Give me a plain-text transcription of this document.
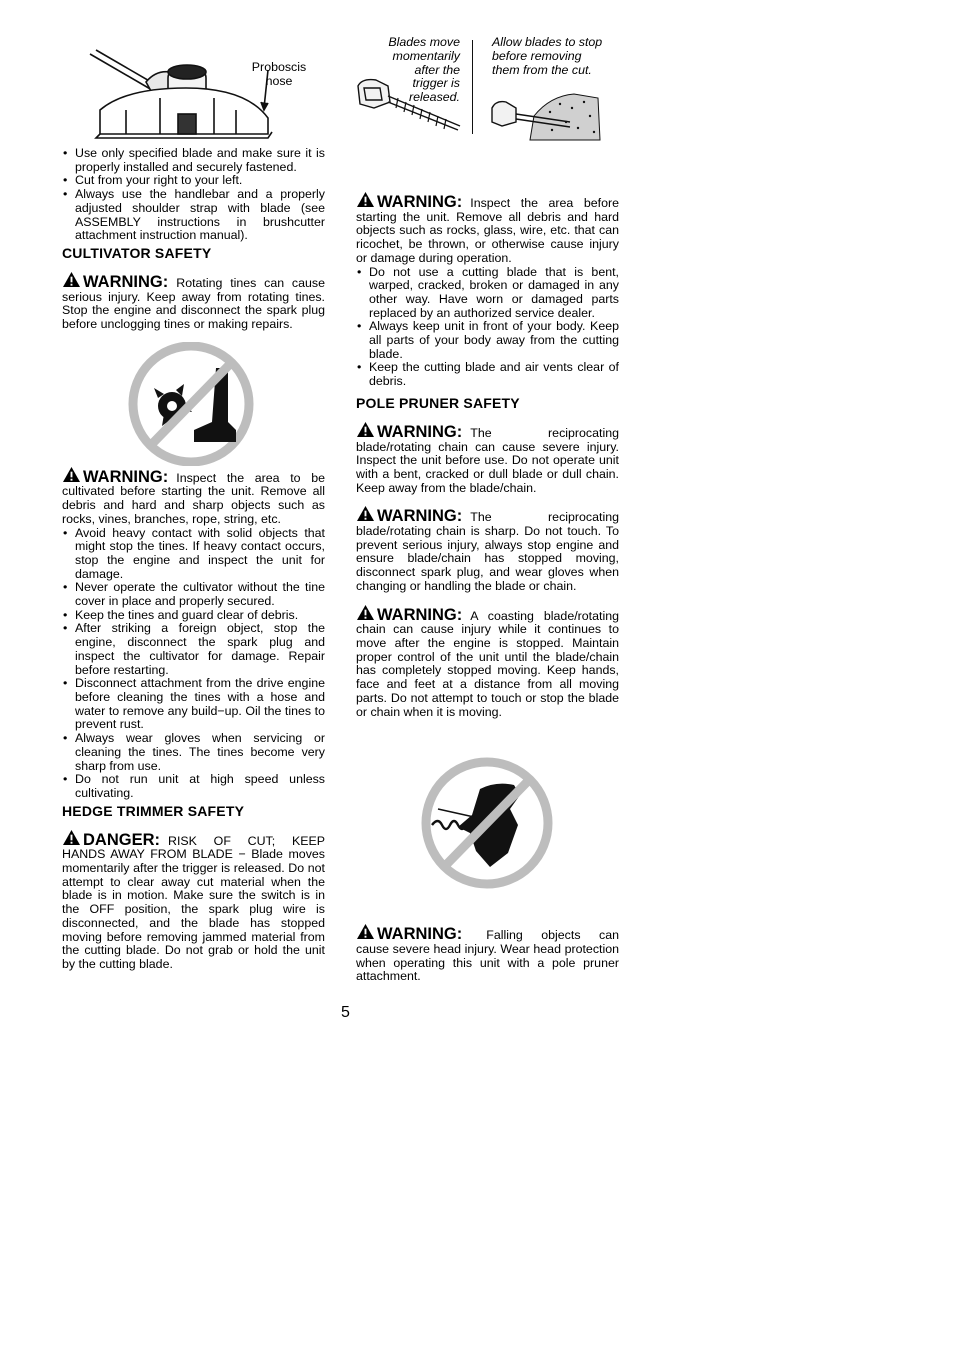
Proboscis
nose
• Use only specified blade and make sure it is properly installed and securely fastened.
• Cut from your right to your left.
• Always use the handlebar and a properly adjusted shoulder strap with blade (see ASSEMBLY instructions in brushcutter attachment instruction manual).
CULTIVATOR SAFETY

WARNING: Rotating tines can cause serious injury. Keep away from rotating tines. Stop the engine and disconnect the spark plug before unclogging tines or making repairs.

WARNING: Inspect the area to be cultivated before starting the unit. Remove all debris and hard and sharp objects such as rocks, vines, branches, rope, string, etc.

• Avoid heavy contact with solid objects that might stop the tines. If heavy contact occurs, stop the engine and inspect the unit for damage.
• Never operate the cultivator without the tine cover in place and properly secured.
• Keep the tines and guard clear of debris.
• After striking a foreign object, stop the engine, disconnect the spark plug and inspect the cultivator for damage. Repair before restarting.
• Disconnect attachment from the drive engine before cleaning the tines with a hose and water to remove any build−up. Oil the tines to prevent rust.
• Always wear gloves when servicing or cleaning the tines. The tines become very sharp from use.
• Do not run unit at high speed unless cultivating.
HEDGE TRIMMER SAFETY

DANGER: RISK OF CUT; KEEP HANDS AWAY FROM BLADE − Blade moves momentarily after the trigger is released. Do not attempt to clear away cut material when the blade is in motion. Make sure the switch is in the OFF position, the spark plug wire is disconnected, and the blade has stopped moving before removing jammed material from the cutting blade. Do not grab or hold the unit by the cutting blade.

Blades move
momentarily
after the
trigger is
released.
Allow blades to stop
before removing
them from the cut.

WARNING: Inspect the area before starting the unit. Remove all debris and hard objects such as rocks, glass, wire, etc. that can ricochet, be thrown, or otherwise cause injury or damage during operation.

• Do not use a cutting blade that is bent, warped, cracked, broken or damaged in any other way. Have worn or damaged parts replaced by an authorized service dealer.
• Always keep unit in front of your body. Keep all parts of your body away from the cutting blade.
• Keep the cutting blade and air vents clear of debris.
POLE PRUNER SAFETY

WARNING: The reciprocating blade/rotating chain can cause severe injury. Inspect the unit before use. Do not operate unit with a bent, cracked or dull blade or dull chain. Keep away from the blade/chain.

WARNING: The reciprocating blade/rotating chain is sharp. Do not touch. To prevent serious injury, always stop engine and ensure blade/chain has stopped moving, disconnect spark plug, and wear gloves when changing or handling the blade or chain.

WARNING: A coasting blade/rotating chain can cause injury while it continues to move after the engine is stopped. Maintain proper control of the unit until the blade/chain has completely stopped moving. Keep hands, face and feet at a distance from all moving parts. Do not attempt to touch or stop the blade or chain when it is moving.

WARNING: Falling objects can cause severe head injury. Wear head protection when operating this unit with a pole pruner attachment.

5
